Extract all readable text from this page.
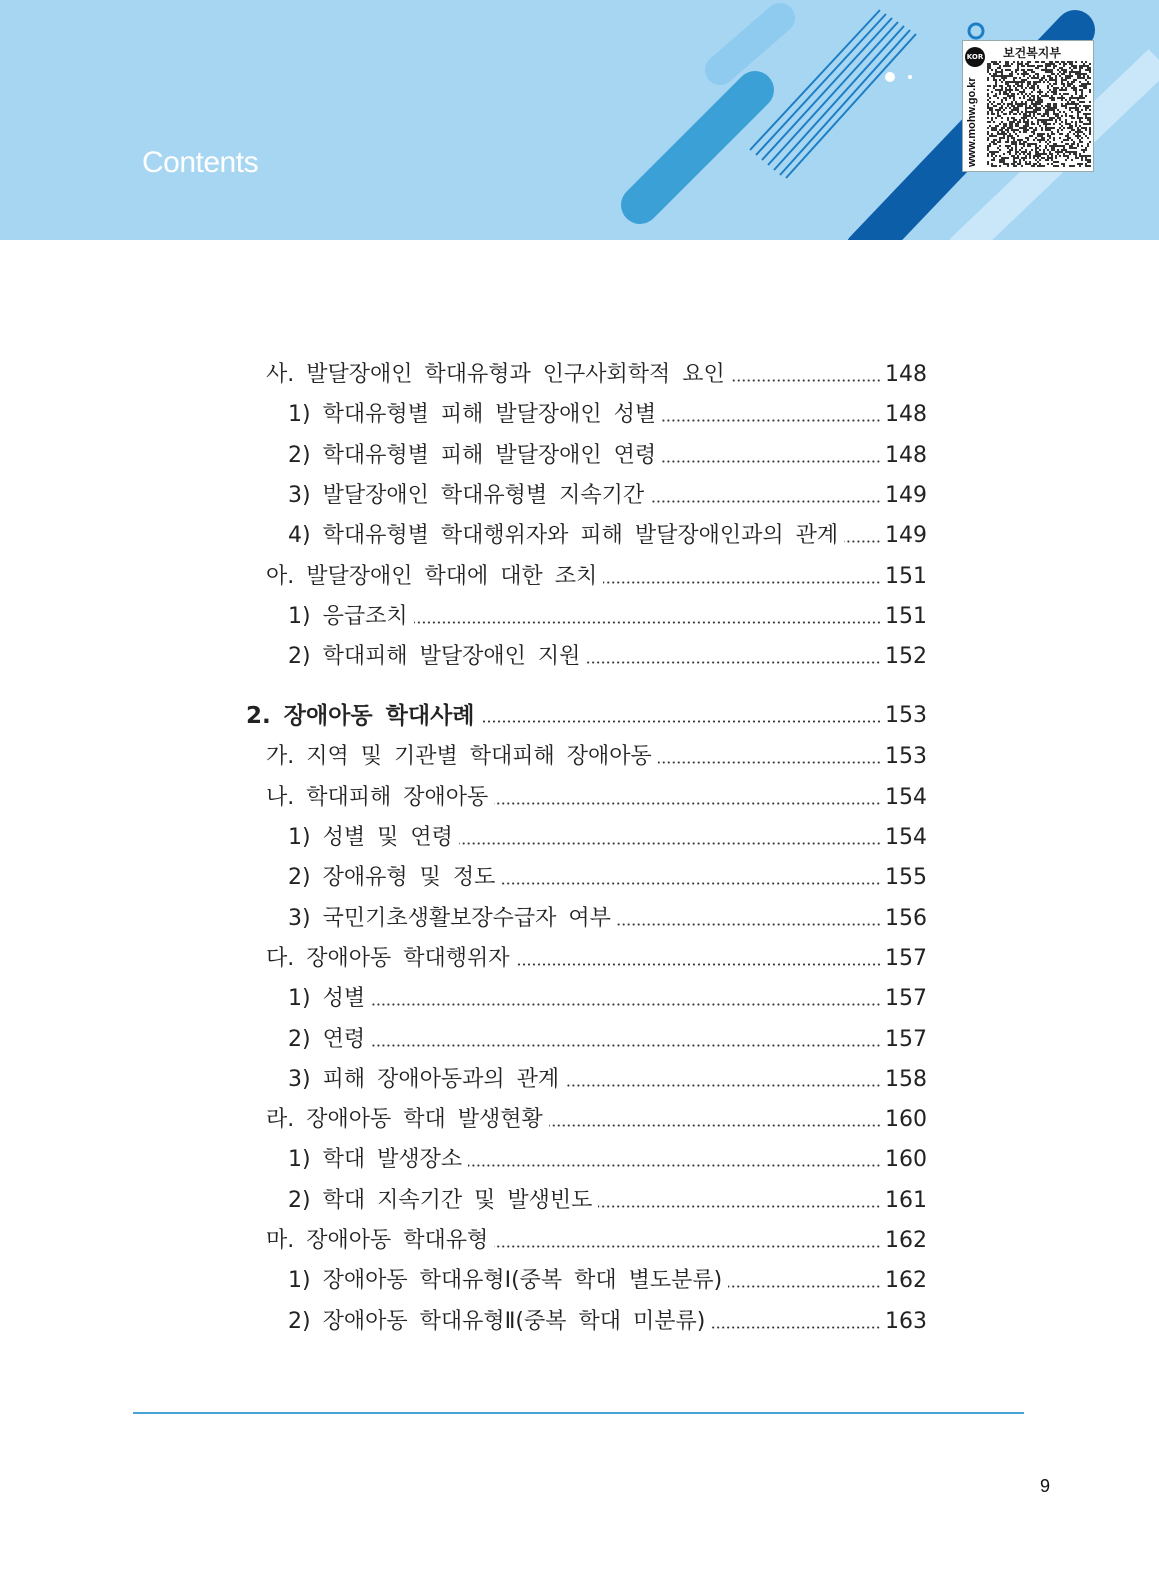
Contents
KOR
www.mohw.go.kr
보건복지부
사. 발달장애인 학대유형과 인구사회학적 요인	148
1) 학대유형별 피해 발달장애인 성별	148
2) 학대유형별 피해 발달장애인 연령	148
3) 발달장애인 학대유형별 지속기간	149
4) 학대유형별 학대행위자와 피해 발달장애인과의 관계 149
아. 발달장애인 학대에 대한 조치	151
1) 응급조치	151
2) 학대피해 발달장애인 지원	152
2. 장애아동 학대사례	153
가. 지역 및 기관별 학대피해 장애아동	153
나. 학대피해 장애아동	154
1) 성별 및 연령	154
2) 장애유형 및 정도	155
3) 국민기초생활보장수급자 여부	156
다. 장애아동 학대행위자	157
1) 성별	157
2) 연령	157
3) 피해 장애아동과의 관계	158
라. 장애아동 학대 발생현황	160
1) 학대 발생장소	160
2) 학대 지속기간 및 발생빈도	161
마. 장애아동 학대유형	162
1) 장애아동 학대유형Ⅰ(중복 학대 별도분류)	162
2) 장애아동 학대유형Ⅱ(중복 학대 미분류)	163
9
